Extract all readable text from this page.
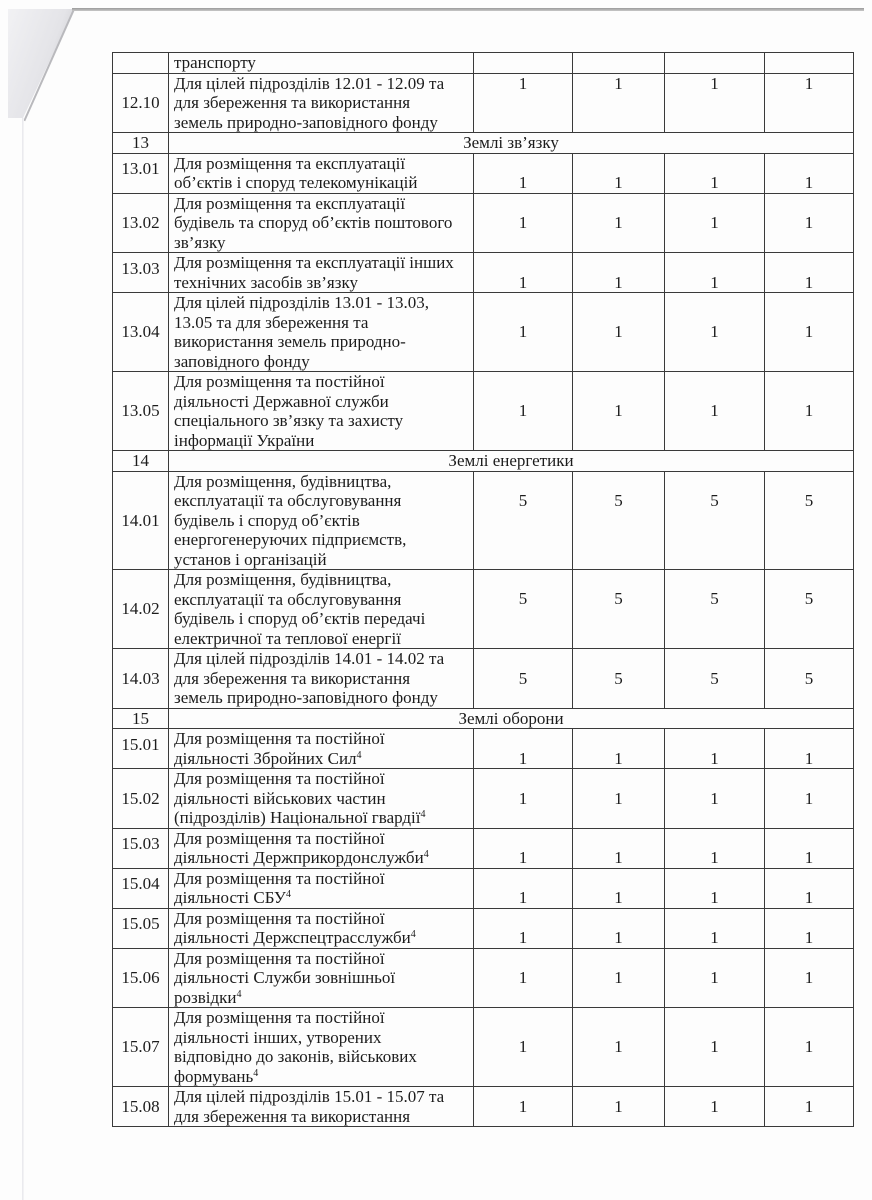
	транспорту				
12.10	Для цілей підрозділів 12.01 - 12.09 та
для збереження та використання
земель природно-заповідного фонду	1	1	1	1
13	Землі зв’язку				
13.01	Для розміщення та експлуатації
об’єктів і споруд телекомунікацій	1	1	1	1
13.02	Для розміщення та експлуатації
будівель та споруд об’єктів поштового
зв’язку	1	1	1	1
13.03	Для розміщення та експлуатації інших
технічних засобів зв’язку	1	1	1	1
13.04	Для цілей підрозділів 13.01 - 13.03,
13.05 та для збереження та
використання земель природно-
заповідного фонду	1	1	1	1
13.05	Для розміщення та постійної
діяльності Державної служби
спеціального зв’язку та захисту
інформації України	1	1	1	1
14	Землі енергетики				
14.01	Для розміщення, будівництва,
експлуатації та обслуговування
будівель і споруд об’єктів
енергогенеруючих підприємств,
установ і організацій	5	5	5	5
14.02	Для розміщення, будівництва,
експлуатації та обслуговування
будівель і споруд об’єктів передачі
електричної та теплової енергії	5	5	5	5
14.03	Для цілей підрозділів 14.01 - 14.02 та
для збереження та використання
земель природно-заповідного фонду	5	5	5	5
15	Землі оборони				
15.01	Для розміщення та постійної
діяльності Збройних Сил$^4$	1	1	1	1
15.02	Для розміщення та постійної
діяльності військових частин
(підрозділів) Національної гвардії$^4$	1	1	1	1
15.03	Для розміщення та постійної
діяльності Держприкордонслужби$^4$	1	1	1	1
15.04	Для розміщення та постійної
діяльності СБУ$^4$	1	1	1	1
15.05	Для розміщення та постійної
діяльності Держспецтрасслужби$^4$	1	1	1	1
15.06	Для розміщення та постійної
діяльності Служби зовнішньої
розвідки$^4$	1	1	1	1
15.07	Для розміщення та постійної
діяльності інших, утворених
відповідно до законів, військових
формувань$^4$	1	1	1	1
15.08	Для цілей підрозділів 15.01 - 15.07 та
для збереження та використання	1	1	1	1
